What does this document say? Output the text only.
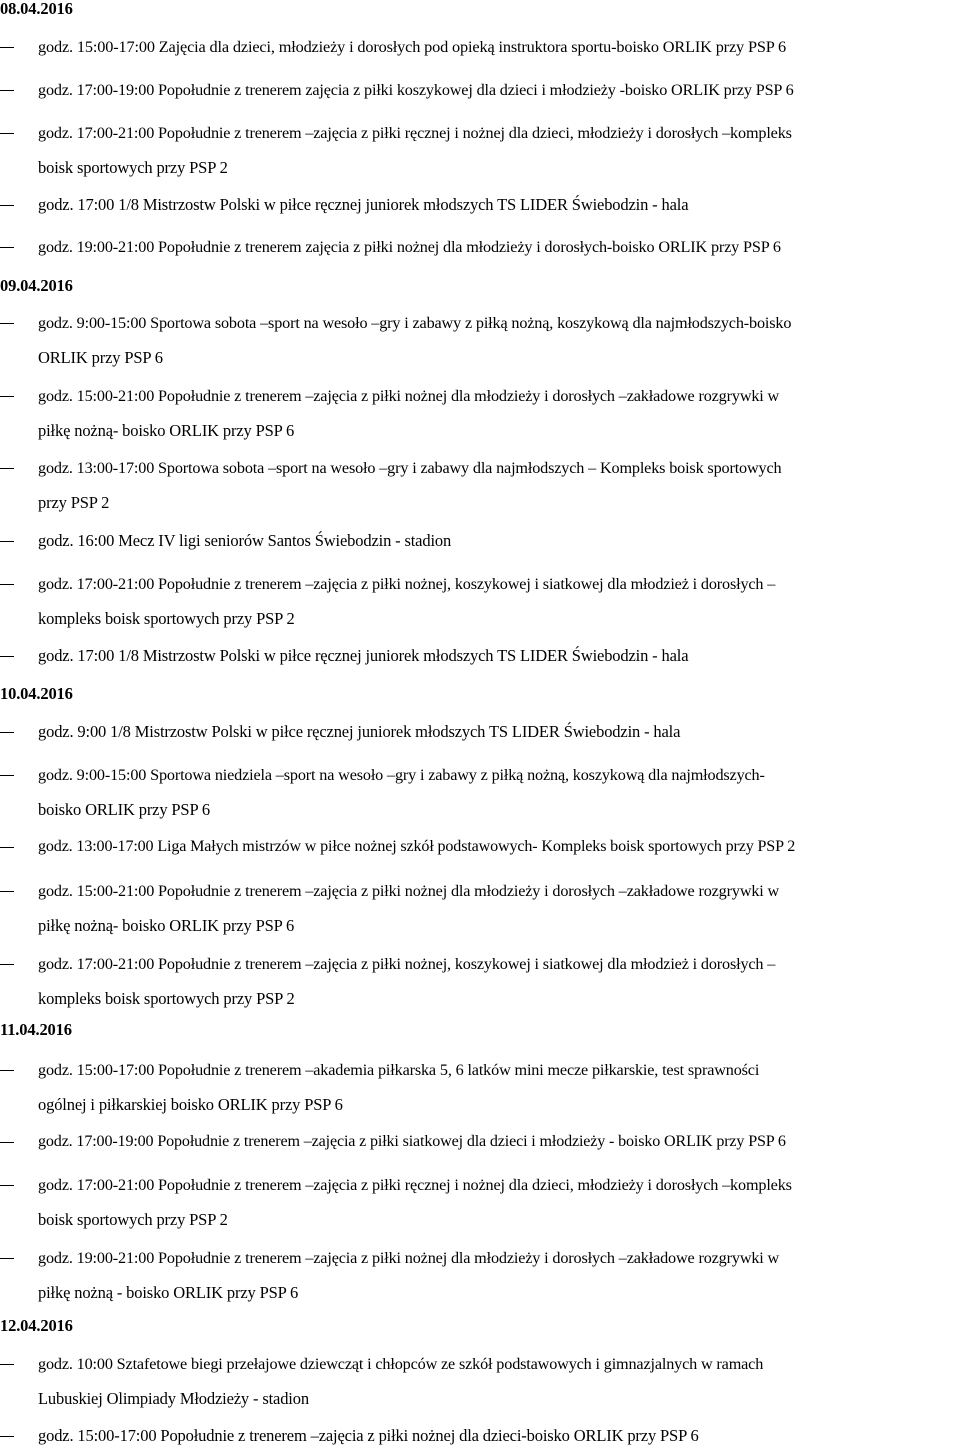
08.04.2016
godz. 15:00-17:00 Zajęcia dla dzieci, młodzieży i dorosłych pod opieką instruktora sportu-boisko ORLIK przy PSP 6
godz. 17:00-19:00 Popołudnie z trenerem zajęcia z piłki koszykowej dla dzieci i młodzieży -boisko ORLIK przy PSP 6
godz. 17:00-21:00 Popołudnie z trenerem –zajęcia z piłki ręcznej i nożnej dla dzieci, młodzieży i dorosłych –kompleks
boisk sportowych przy PSP 2
godz. 17:00 1/8 Mistrzostw Polski w piłce ręcznej juniorek młodszych TS LIDER Świebodzin - hala
godz. 19:00-21:00 Popołudnie z trenerem zajęcia z piłki nożnej dla młodzieży i dorosłych-boisko ORLIK przy PSP 6
09.04.2016
godz. 9:00-15:00 Sportowa sobota –sport na wesoło –gry i zabawy z piłką nożną, koszykową dla najmłodszych-boisko
ORLIK przy PSP 6
godz. 15:00-21:00 Popołudnie z trenerem –zajęcia z piłki nożnej dla młodzieży i dorosłych –zakładowe rozgrywki w
piłkę nożną- boisko ORLIK przy PSP 6
godz. 13:00-17:00 Sportowa sobota –sport na wesoło –gry i zabawy dla najmłodszych – Kompleks boisk sportowych
przy PSP 2
godz. 16:00 Mecz IV ligi seniorów Santos Świebodzin - stadion
godz. 17:00-21:00 Popołudnie z trenerem –zajęcia z piłki nożnej, koszykowej i siatkowej dla młodzież i dorosłych –
kompleks boisk sportowych przy PSP 2
godz. 17:00 1/8 Mistrzostw Polski w piłce ręcznej juniorek młodszych TS LIDER Świebodzin - hala
10.04.2016
godz. 9:00 1/8 Mistrzostw Polski w piłce ręcznej juniorek młodszych TS LIDER Świebodzin - hala
godz. 9:00-15:00 Sportowa niedziela –sport na wesoło –gry i zabawy z piłką nożną, koszykową dla najmłodszych-
boisko ORLIK przy PSP 6
godz. 13:00-17:00 Liga Małych mistrzów w piłce nożnej szkół podstawowych- Kompleks boisk sportowych przy PSP 2
godz. 15:00-21:00 Popołudnie z trenerem –zajęcia z piłki nożnej dla młodzieży i dorosłych –zakładowe rozgrywki w
piłkę nożną- boisko ORLIK przy PSP 6
godz. 17:00-21:00 Popołudnie z trenerem –zajęcia z piłki nożnej, koszykowej i siatkowej dla młodzież i dorosłych –
kompleks boisk sportowych przy PSP 2
11.04.2016
godz. 15:00-17:00 Popołudnie z trenerem –akademia piłkarska 5, 6 latków mini mecze piłkarskie, test sprawności
ogólnej i piłkarskiej boisko ORLIK przy PSP 6
godz. 17:00-19:00 Popołudnie z trenerem –zajęcia z piłki siatkowej dla dzieci i młodzieży - boisko ORLIK przy PSP 6
godz. 17:00-21:00 Popołudnie z trenerem –zajęcia z piłki ręcznej i nożnej dla dzieci, młodzieży i dorosłych –kompleks
boisk sportowych przy PSP 2
godz. 19:00-21:00 Popołudnie z trenerem –zajęcia z piłki nożnej dla młodzieży i dorosłych –zakładowe rozgrywki w
piłkę nożną - boisko ORLIK przy PSP 6
12.04.2016
godz. 10:00 Sztafetowe biegi przełajowe dziewcząt i chłopców ze szkół podstawowych i gimnazjalnych w ramach
Lubuskiej Olimpiady Młodzieży - stadion
godz. 15:00-17:00 Popołudnie z trenerem –zajęcia z piłki nożnej dla dzieci-boisko ORLIK przy PSP 6
